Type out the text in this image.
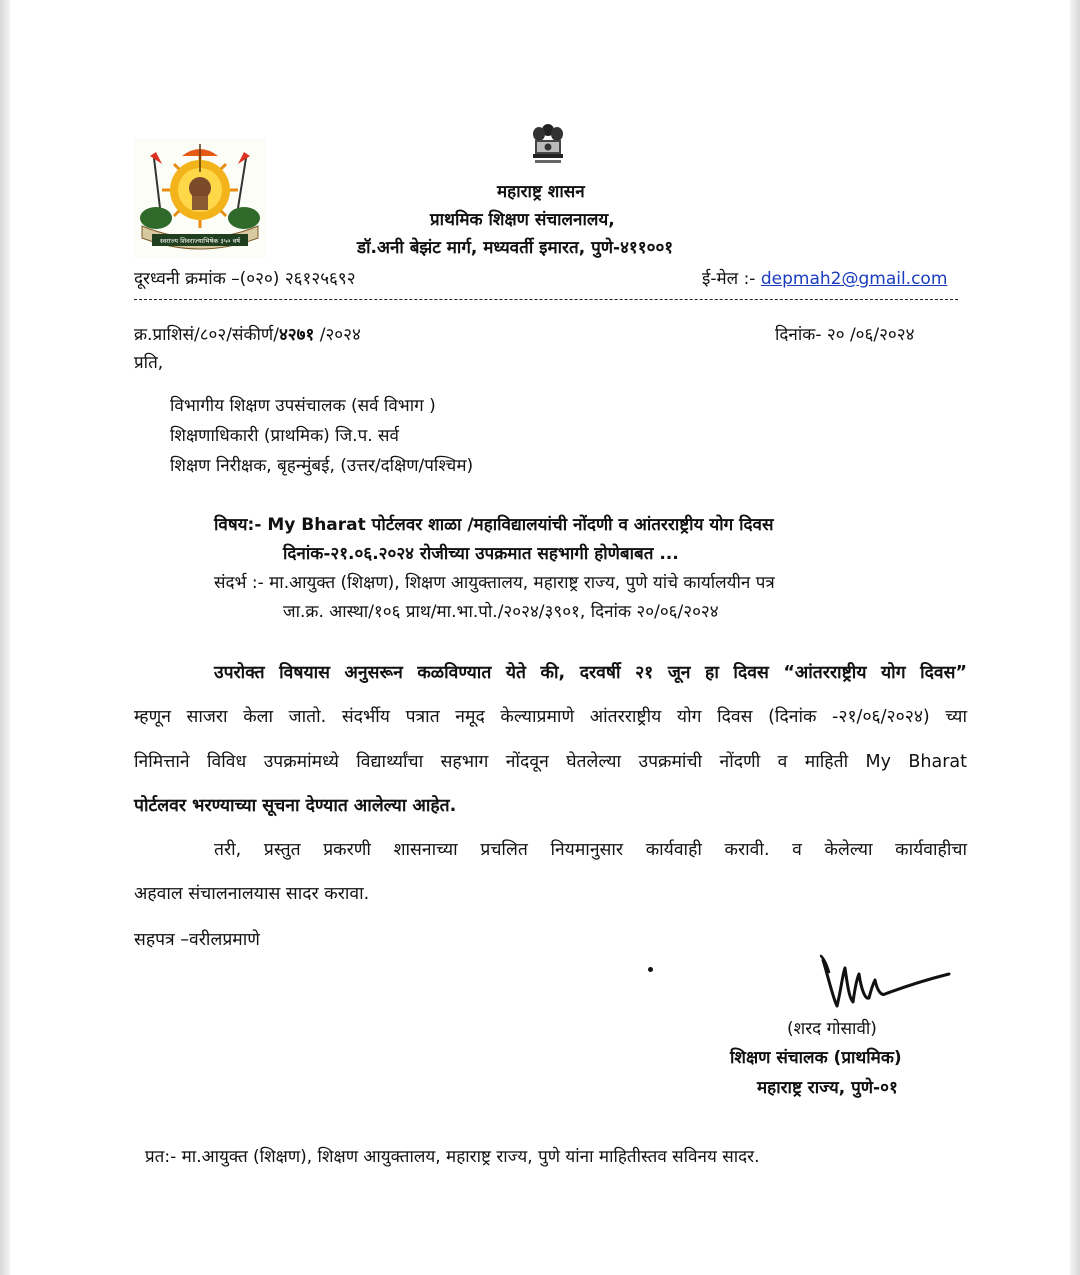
स्वराज्य शिवराज्याभिषेक ३५० वर्ष
महाराष्ट्र शासन
प्राथमिक शिक्षण संचालनालय,
डॉ.अनी बेझंट मार्ग, मध्यवर्ती इमारत, पुणे-४११००१
दूरध्वनी क्रमांक –(०२०) २६१२५६९२	ई-मेल :- depmah2@gmail.com
क्र.प्राशिसं/८०२/संकीर्ण/४२७१ /२०२४	दिनांक- २० /०६/२०२४
प्रति,
विभागीय शिक्षण उपसंचालक (सर्व विभाग )
शिक्षणाधिकारी (प्राथमिक) जि.प. सर्व
शिक्षण निरीक्षक, बृहन्मुंबई, (उत्तर/दक्षिण/पश्चिम)
विषय:- My Bharat पोर्टलवर शाळा /महाविद्यालयांची नोंदणी व आंतरराष्ट्रीय योग दिवस
दिनांक-२१.०६.२०२४ रोजीच्या उपक्रमात सहभागी होणेबाबत ...
संदर्भ :- मा.आयुक्त (शिक्षण), शिक्षण आयुक्तालय, महाराष्ट्र राज्य, पुणे यांचे कार्यालयीन पत्र
जा.क्र. आस्था/१०६ प्राथ/मा.भा.पो./२०२४/३९०१, दिनांक २०/०६/२०२४
उपरोक्त विषयास अनुसरून कळविण्यात येते की, दरवर्षी २१ जून हा दिवस “आंतरराष्ट्रीय योग दिवस”
म्हणून साजरा केला जातो. संदर्भीय पत्रात नमूद केल्याप्रमाणे आंतरराष्ट्रीय योग दिवस (दिनांक -२१/०६/२०२४) च्या
निमित्ताने विविध उपक्रमांमध्ये विद्यार्थ्यांचा सहभाग नोंदवून घेतलेल्या उपक्रमांची नोंदणी व माहिती My Bharat
पोर्टलवर भरण्याच्या सूचना देण्यात आलेल्या आहेत.
तरी, प्रस्तुत प्रकरणी शासनाच्या प्रचलित नियमानुसार कार्यवाही करावी. व केलेल्या कार्यवाहीचा
अहवाल संचालनालयास सादर करावा.
सहपत्र –वरीलप्रमाणे
(शरद गोसावी)
शिक्षण संचालक (प्राथमिक)
महाराष्ट्र राज्य, पुणे-०१
प्रत:- मा.आयुक्त (शिक्षण), शिक्षण आयुक्तालय, महाराष्ट्र राज्य, पुणे यांना माहितीस्तव सविनय सादर.
